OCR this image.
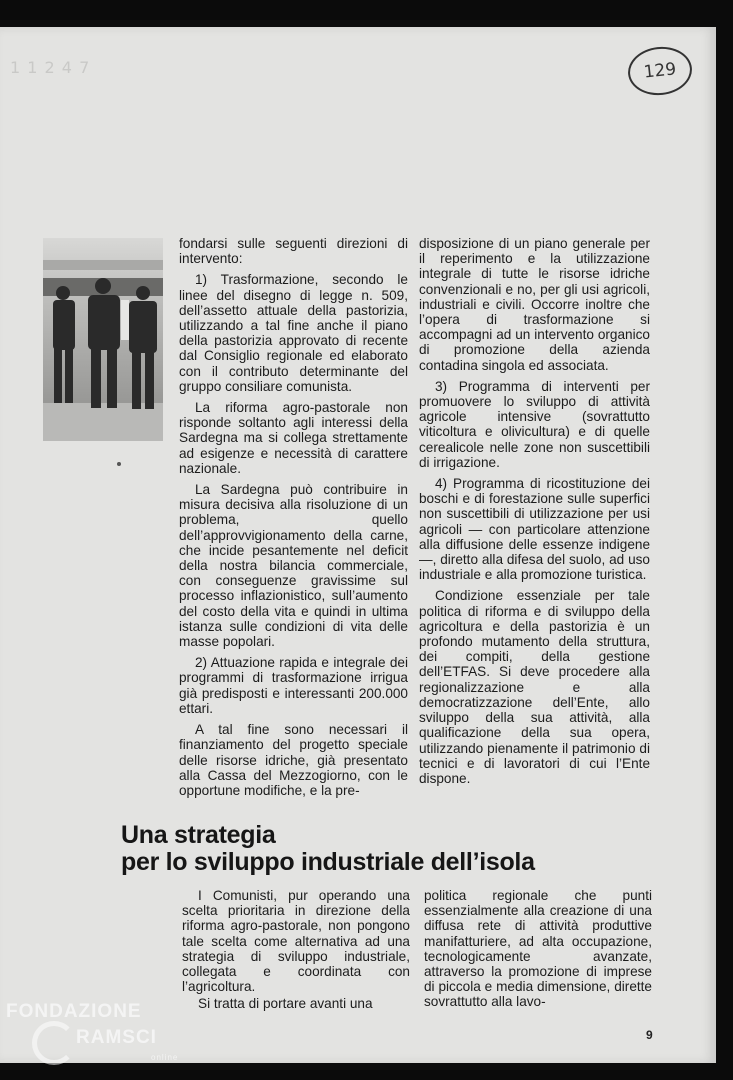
1 1 2 4 7	129

fondarsi sulle seguenti direzioni di intervento:

1) Trasformazione, secondo le linee del disegno di legge n. 509, dell’assetto attuale della pastorizia, utilizzando a tal fine anche il piano della pastorizia approvato di recente dal Consiglio regionale ed elaborato con il contributo determinante del gruppo consiliare comunista.

La riforma agro-pastorale non risponde soltanto agli interessi della Sardegna ma si collega strettamente ad esigenze e necessità di carattere nazionale.

La Sardegna può contribuire in misura decisiva alla risoluzione di un problema, quello dell’approvvigionamento della carne, che incide pesantemente nel deficit della nostra bilancia commerciale, con conseguenze gravissime sul processo inflazionistico, sull’aumento del costo della vita e quindi in ultima istanza sulle condizioni di vita delle masse popolari.

2) Attuazione rapida e integrale dei programmi di trasformazione irrigua già predisposti e interessanti 200.000 ettari.

A tal fine sono necessari il finanziamento del progetto speciale delle risorse idriche, già presentato alla Cassa del Mezzogiorno, con le opportune modifiche, e la pre-

disposizione di un piano generale per il reperimento e la utilizzazione integrale di tutte le risorse idriche convenzionali e no, per gli usi agricoli, industriali e civili. Occorre inoltre che l’opera di trasformazione si accompagni ad un intervento organico di promozione della azienda contadina singola ed associata.

3) Programma di interventi per promuovere lo sviluppo di attività agricole intensive (sovrattutto viticoltura e olivicultura) e di quelle cerealicole nelle zone non suscettibili di irrigazione.

4) Programma di ricostituzione dei boschi e di forestazione sulle superfici non suscettibili di utilizzazione per usi agricoli — con particolare attenzione alla diffusione delle essenze indigene —, diretto alla difesa del suolo, ad uso industriale e alla promozione turistica.

Condizione essenziale per tale politica di riforma e di sviluppo della agricoltura e della pastorizia è un profondo mutamento della struttura, dei compiti, della gestione dell’ETFAS. Si deve procedere alla regionalizzazione e alla democratizzazione dell’Ente, allo sviluppo della sua attività, alla qualificazione della sua opera, utilizzando pienamente il patrimonio di tecnici e di lavoratori di cui l’Ente dispone.

Una strategia
per lo sviluppo industriale dell’isola

I Comunisti, pur operando una scelta prioritaria in direzione della riforma agro-pastorale, non pongono tale scelta come alternativa ad una strategia di sviluppo industriale, collegata e coordinata con l’agricoltura.

Si tratta di portare avanti una

politica regionale che punti essenzialmente alla creazione di una diffusa rete di attività produttive manifatturiere, ad alta occupazione, tecnologicamente avanzate, attraverso la promozione di imprese di piccola e media dimensione, dirette sovrattutto alla lavo-

9
FONDAZIONE
RAMSCI
online
